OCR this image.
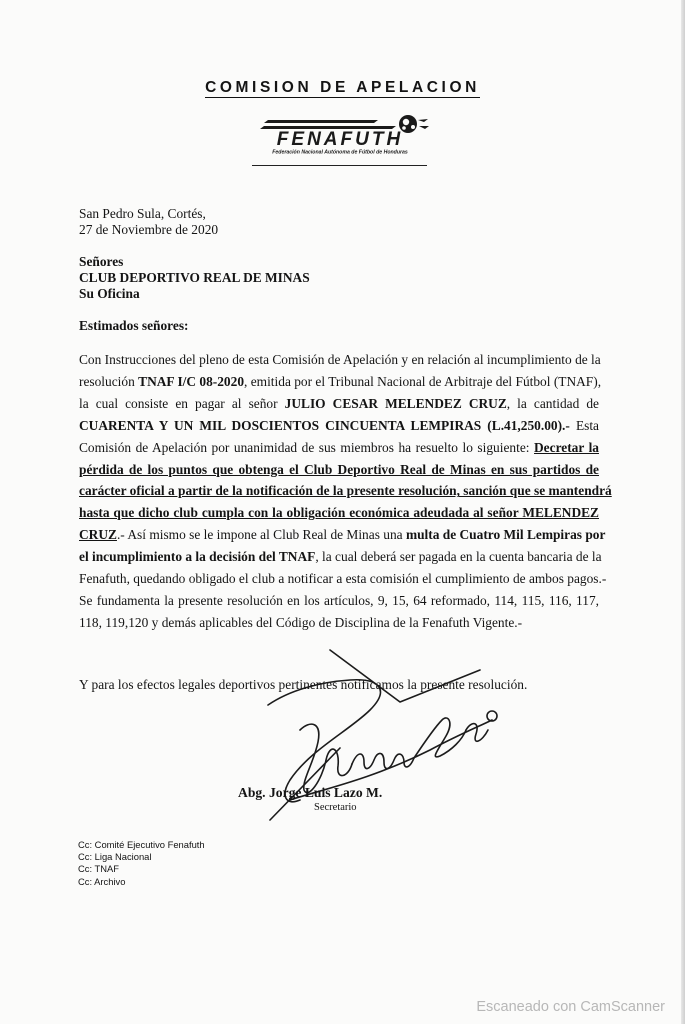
COMISION DE APELACION
FENAFUTH
Federación Nacional Autónoma de Fútbol de Honduras
San Pedro Sula, Cortés,
27 de Noviembre de 2020
Señores
CLUB DEPORTIVO REAL DE MINAS
Su Oficina
Estimados señores:
Con Instrucciones del pleno de esta Comisión de Apelación y en relación al incumplimiento de la
resolución TNAF I/C 08-2020, emitida por el Tribunal Nacional de Arbitraje del Fútbol (TNAF),
la cual consiste en pagar al señor JULIO CESAR MELENDEZ CRUZ, la cantidad de
CUARENTA Y UN MIL DOSCIENTOS CINCUENTA LEMPIRAS (L.41,250.00).- Esta
Comisión de Apelación por unanimidad de sus miembros ha resuelto lo siguiente: Decretar la
pérdida de los puntos que obtenga el Club Deportivo Real de Minas en sus partidos de
carácter oficial a partir de la notificación de la presente resolución, sanción que se mantendrá
hasta que dicho club cumpla con la obligación económica adeudada al señor MELENDEZ
CRUZ.- Así mismo se le impone al Club Real de Minas una multa de Cuatro Mil Lempiras por
el incumplimiento a la decisión del TNAF, la cual deberá ser pagada en la cuenta bancaria de la
Fenafuth, quedando obligado el club a notificar a esta comisión el cumplimiento de ambos pagos.-
Se fundamenta la presente resolución en los artículos, 9, 15, 64 reformado, 114, 115, 116, 117,
118, 119,120 y demás aplicables del Código de Disciplina de la Fenafuth Vigente.-
Y para los efectos legales deportivos pertinentes notificamos la presente resolución.
Abg. Jorge Luis Lazo M.
Secretario
Cc: Comité Ejecutivo Fenafuth
Cc: Liga Nacional
Cc: TNAF
Cc: Archivo
Escaneado con CamScanner
